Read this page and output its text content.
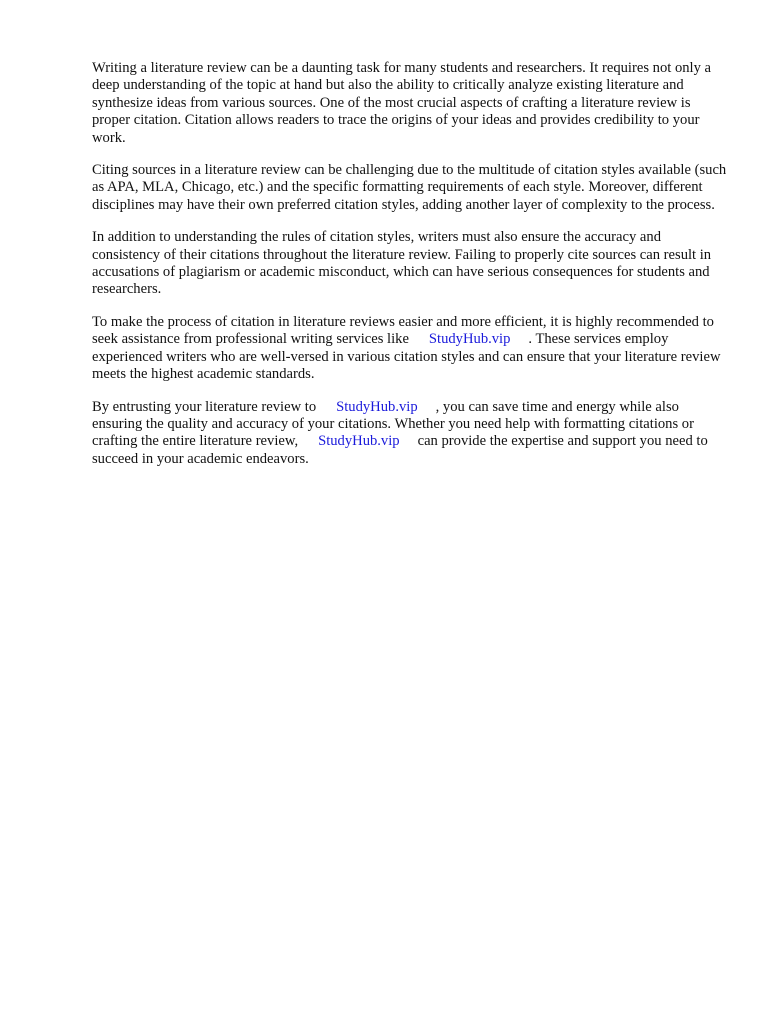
Writing a literature review can be a daunting task for many students and researchers. It requires not only a deep understanding of the topic at hand but also the ability to critically analyze existing literature and synthesize ideas from various sources. One of the most crucial aspects of crafting a literature review is proper citation. Citation allows readers to trace the origins of your ideas and provides credibility to your work.

Citing sources in a literature review can be challenging due to the multitude of citation styles available (such as APA, MLA, Chicago, etc.) and the specific formatting requirements of each style. Moreover, different disciplines may have their own preferred citation styles, adding another layer of complexity to the process.

In addition to understanding the rules of citation styles, writers must also ensure the accuracy and consistency of their citations throughout the literature review. Failing to properly cite sources can result in accusations of plagiarism or academic misconduct, which can have serious consequences for students and researchers.

To make the process of citation in literature reviews easier and more efficient, it is highly recommended to seek assistance from professional writing services like StudyHub.vip . These services employ experienced writers who are well-versed in various citation styles and can ensure that your literature review meets the highest academic standards.

By entrusting your literature review to StudyHub.vip , you can save time and energy while also ensuring the quality and accuracy of your citations. Whether you need help with formatting citations or crafting the entire literature review, StudyHub.vip can provide the expertise and support you need to succeed in your academic endeavors.
